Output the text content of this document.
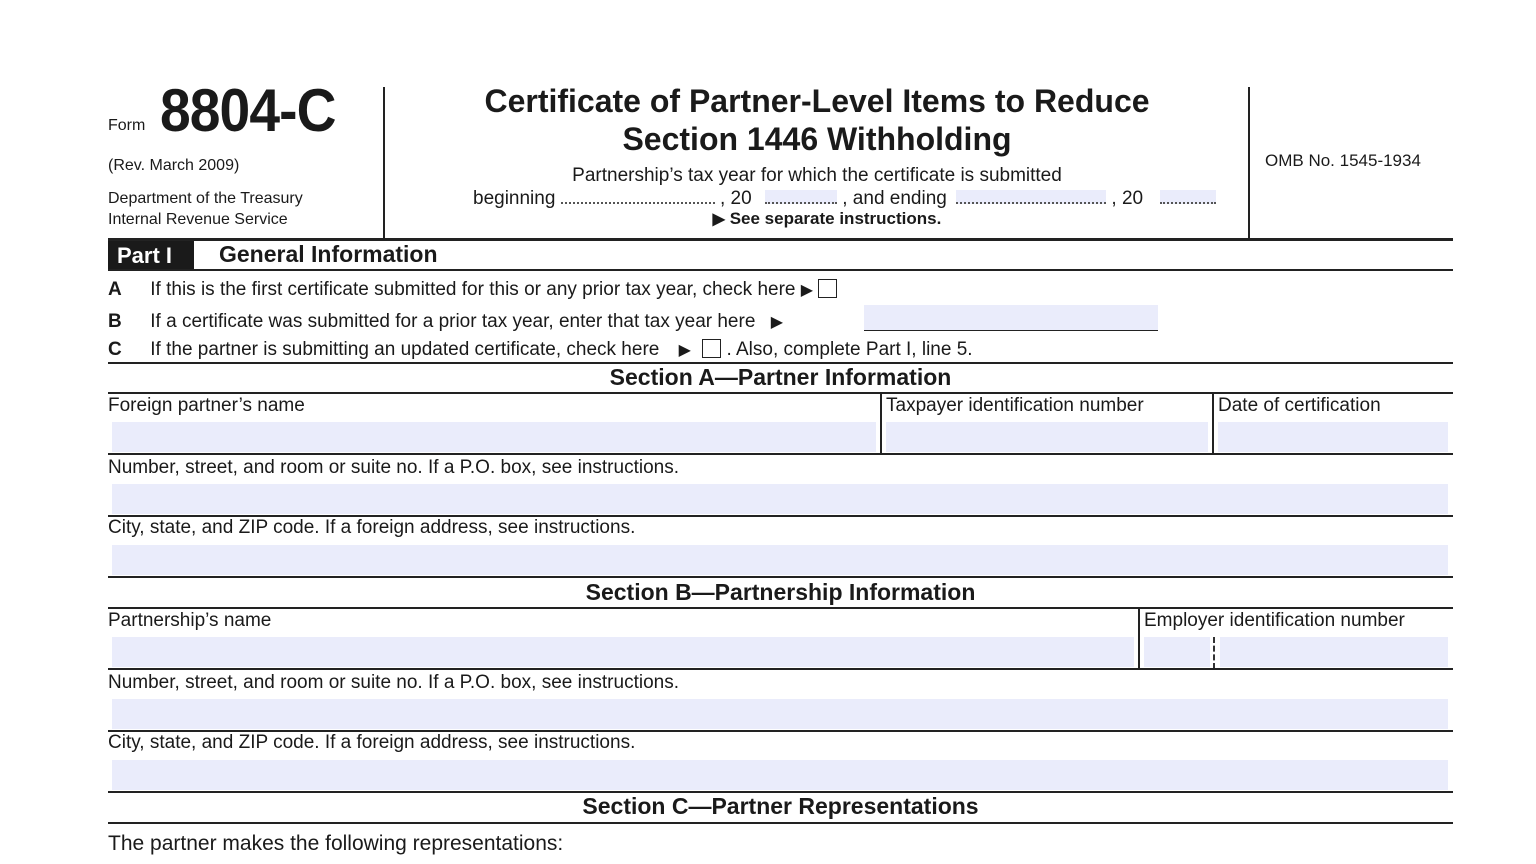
Form 8804-C
(Rev. March 2009)
Department of the Treasury
Internal Revenue Service
Certificate of Partner-Level Items to Reduce
Section 1446 Withholding
Partnership’s tax year for which the certificate is submitted
beginning	, 20	, and ending	, 20
▶ See separate instructions.
OMB No. 1545-1934
Part I	General Information
A If this is the first certificate submitted for this or any prior tax year, check here ▶
B If a certificate was submitted for a prior tax year, enter that tax year here ▶
C If the partner is submitting an updated certificate, check here ▶ . Also, complete Part I, line 5.
Section A—Partner Information
Foreign partner’s name	Taxpayer identification number	Date of certification
Number, street, and room or suite no. If a P.O. box, see instructions.
City, state, and ZIP code. If a foreign address, see instructions.
Section B—Partnership Information
Partnership’s name	Employer identification number
Number, street, and room or suite no. If a P.O. box, see instructions.
City, state, and ZIP code. If a foreign address, see instructions.
Section C—Partner Representations
The partner makes the following representations:
